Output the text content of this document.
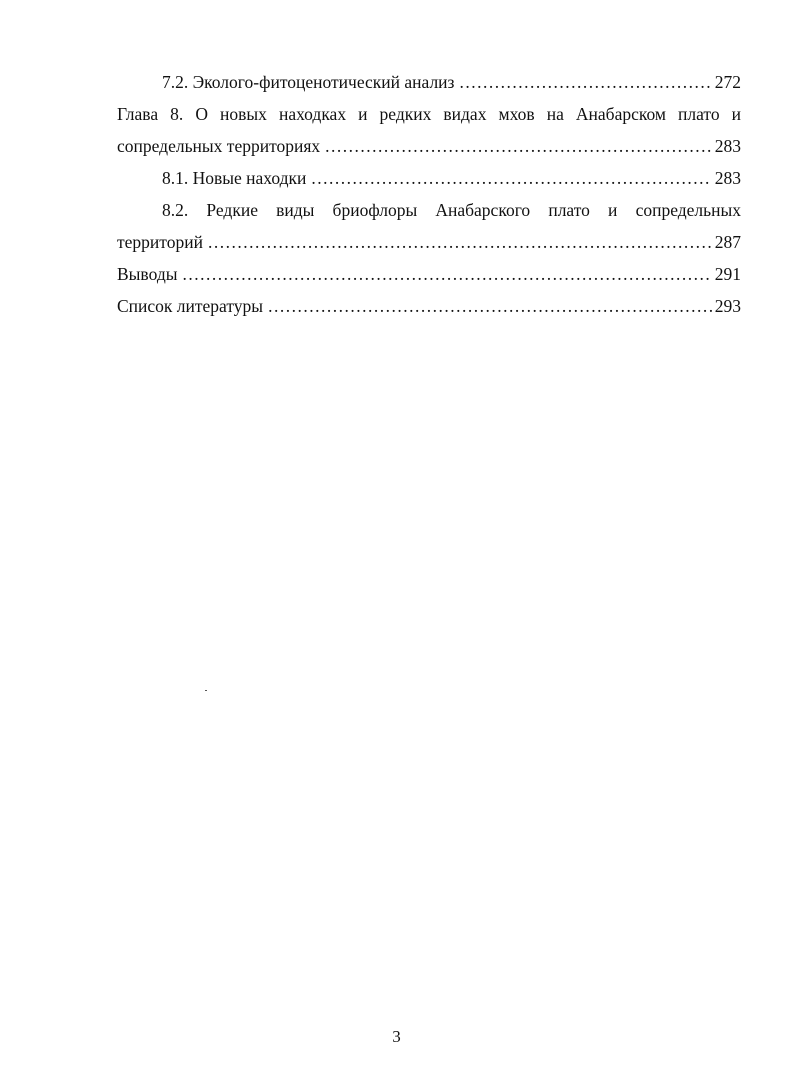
7.2. Эколого-фитоценотический анализ .....	272
Глава 8. О новых находках и редких видах мхов на Анабарском плато и
сопредельных территориях .....	283
8.1. Новые находки .....	283
8.2. Редкие виды бриофлоры Анабарского плато и сопредельных
территорий .....	287
Выводы .....	291
Список литературы .....	293
3
